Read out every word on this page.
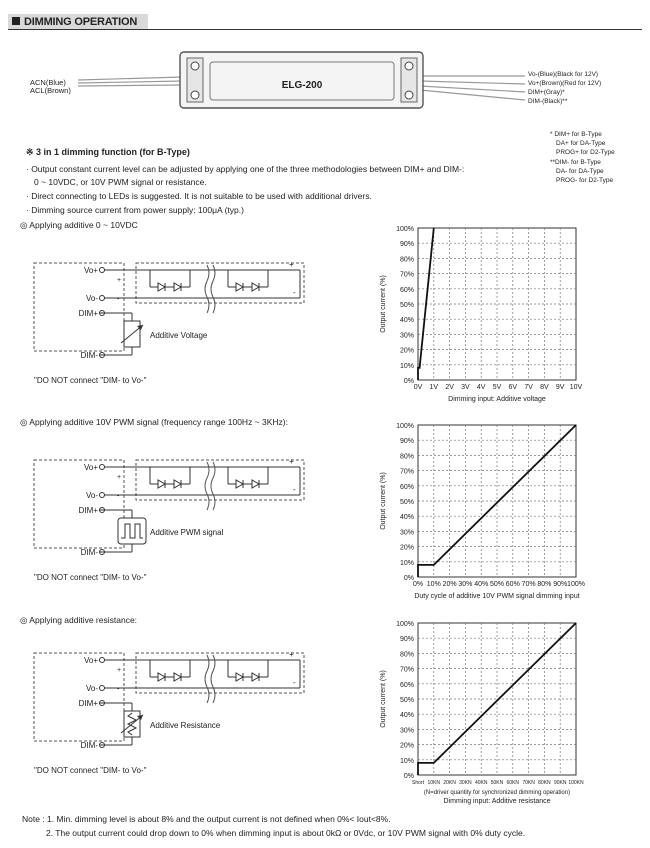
DIMMING OPERATION
ELG-200
ACN(Blue)
ACL(Brown)
Vo-(Blue)(Black for 12V)
Vo+(Brown)(Red for 12V)
DIM+(Gray)*
DIM-(Black)**
* DIM+ for B-Type
DA+ for DA-Type
PROG+ for D2-Type
**DIM- for B-Type
DA- for DA-Type
PROG- for D2-Type
※ 3 in 1 dimming function (for B-Type)
· Output constant current level can be adjusted by applying one of the three methodologies between DIM+ and DIM-:
0 ~ 10VDC, or 10V PWM signal or resistance.
· Direct connecting to LEDs is suggested. It is not suitable to be used with additional drivers.
· Dimming source current from power supply: 100μA (typ.)
◎ Applying additive 0 ~ 10VDC
◎ Applying additive 10V PWM signal (frequency range 100Hz ~ 3KHz):
◎ Applying additive resistance:
+
-
+
-
Vo+
Vo-
DIM+
DIM-
Additive Voltage
"DO NOT connect "DIM- to Vo-"
+
-
+
-
Vo+
Vo-
DIM+
DIM-
Additive PWM signal
"DO NOT connect "DIM- to Vo-"
+
-
+
-
Vo+
Vo-
DIM+
DIM-
Additive Resistance
"DO NOT connect "DIM- to Vo-"
0%
10%
20%
30%
40%
50%
60%
70%
80%
90%
100%
0V 1V 2V 3V 4V 5V 6V 7V 8V 9V 10V
Output current (%)
Dimming input: Additive voltage
0%
10%
20%
30%
40%
50%
60%
70%
80%
90%
100%
0% 10% 20% 30% 40% 50% 60% 70% 80% 90% 100%
Output current (%)
Duty cycle of additive 10V PWM signal dimming input
0%
10%
20%
30%
40%
50%
60%
70%
80%
90%
100%
Short 10KN 20KN 30KN 40KN 50KN 60KN 70KN 80KN 90KN 100KN
Output current (%)
(N=driver quantity for synchronized dimming operation)
Dimming input: Additive resistance
Note : 1. Min. dimming level is about 8% and the output current is not defined when 0%< Iout<8%.
2. The output current could drop down to 0% when dimming input is about 0kΩ or 0Vdc, or 10V PWM signal with 0% duty cycle.
